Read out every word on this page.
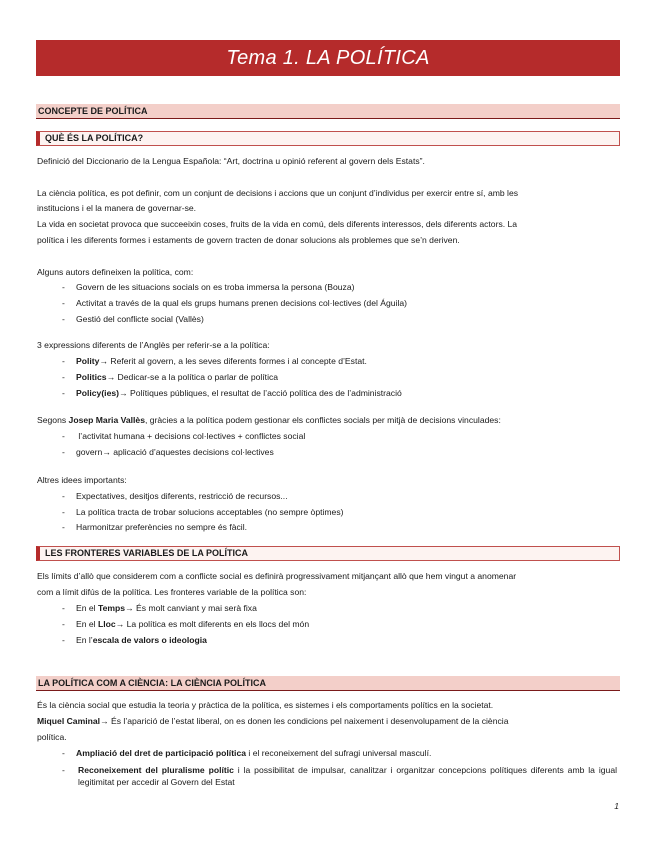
Tema 1. LA POLÍTICA
CONCEPTE DE POLÍTICA
QUÈ ÉS LA POLÍTICA?

Definició del Diccionario de la Lengua Española: “Art, doctrina u opinió referent al govern dels Estats”.

La ciència política, es pot definir, com un conjunt de decisions i accions que un conjunt d’individus per exercir entre sí, amb les

institucions i el la manera de governar-se.

La vida en societat provoca que succeeixin coses, fruits de la vida en comú, dels diferents interessos, dels diferents actors. La

política i les diferents formes i estaments de govern tracten de donar solucions als problemes que se’n deriven.

Alguns autors defineixen la política, com:

- Govern de les situacions socials on es troba immersa la persona (Bouza)
- Activitat a través de la qual els grups humans prenen decisions col·lectives (del Águila)
- Gestió del conflicte social (Vallès)

3 expressions diferents de l’Anglès per referir-se a la política:

- Polity→ Referit al govern, a les seves diferents formes i al concepte d’Estat.
- Politics→ Dedicar-se a la política o parlar de política
- Policy(ies)→ Polítiques públiques, el resultat de l’acció política des de l’administració

Segons Josep Maria Vallès, gràcies a la política podem gestionar els conflictes socials per mitjà de decisions vinculades:

- l’activitat humana + decisions col·lectives + conflictes social
- govern→ aplicació d’aquestes decisions col·lectives

Altres idees importants:

- Expectatives, desitjos diferents, restricció de recursos...
- La política tracta de trobar solucions acceptables (no sempre òptimes)
- Harmonitzar preferències no sempre és fàcil.
LES FRONTERES VARIABLES DE LA POLÍTICA

Els límits d’allò que considerem com a conflicte social es definirà progressivament mitjançant allò que hem vingut a anomenar

com a límit difús de la política. Les fronteres variable de la política son:

- En el Temps→ És molt canviant y mai serà fixa
- En el Lloc→ La política es molt diferents en els llocs del món
- En l’escala de valors o ideologia
LA POLÍTICA COM A CIÈNCIA: LA CIÈNCIA POLÍTICA

És la ciència social que estudia la teoria y pràctica de la política, es sistemes i els comportaments polítics en la societat.

Miquel Caminal→ És l’aparició de l’estat liberal, on es donen les condicions pel naixement i desenvolupament de la ciència

política.

- Ampliació del dret de participació política i el reconeixement del sufragi universal masculí.
- Reconeixement del pluralisme polític i la possibilitat de impulsar, canalitzar i organitzar concepcions polítiques diferents amb la igual legitimitat per accedir al Govern del Estat
1
